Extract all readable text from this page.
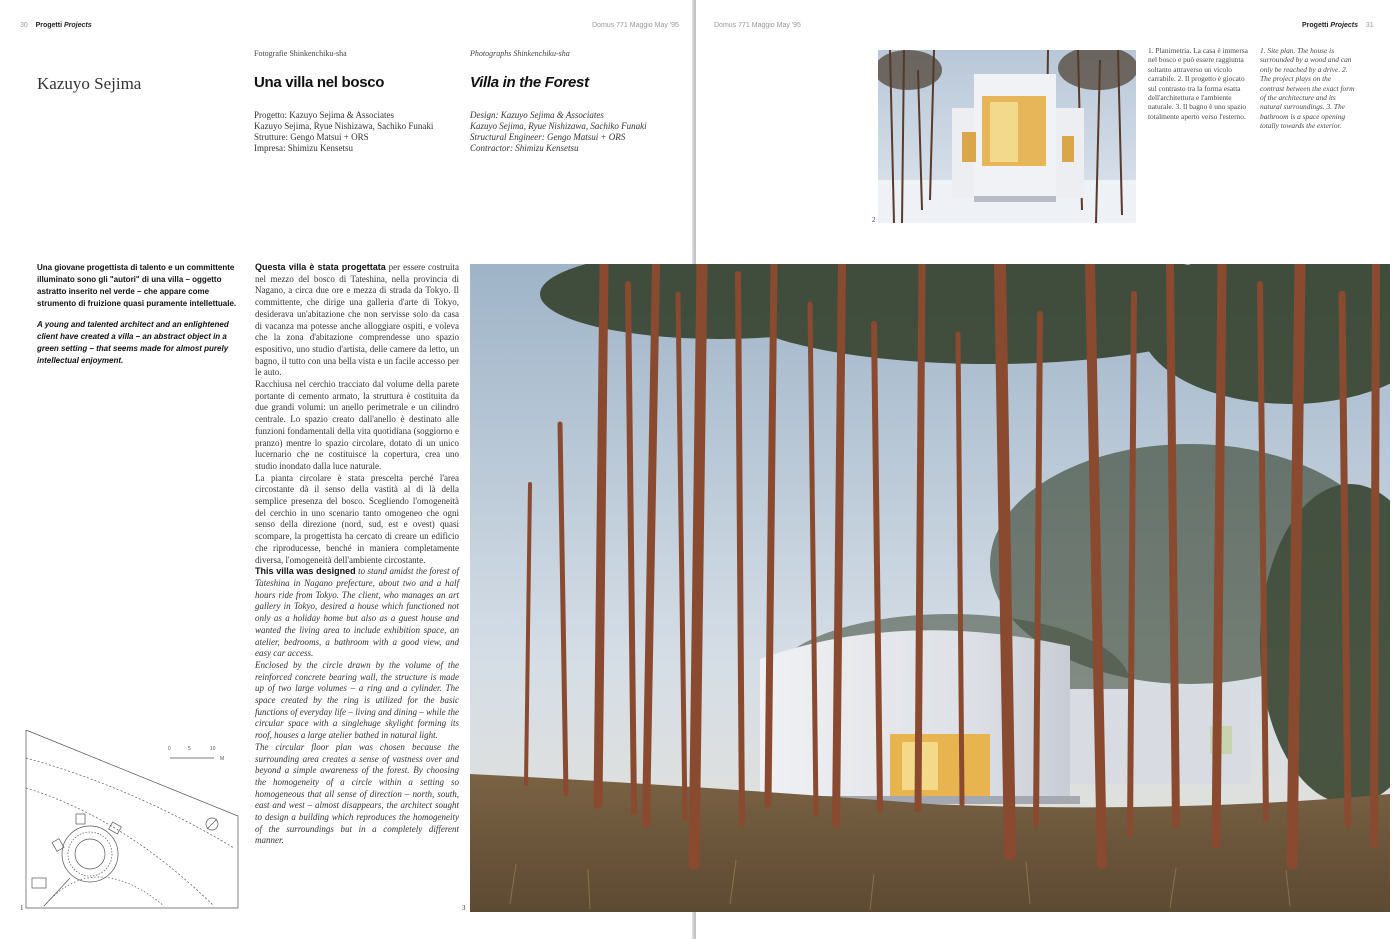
30 Progetti Projects	Domus 771 Maggio May '95
Kazuyo Sejima
Fotografie Shinkenchiku-sha	Photographs Shinkenchiku-sha
Una villa nel bosco	Villa in the Forest
Progetto: Kazuyo Sejima & Associates
Kazuyo Sejima, Ryue Nishizawa, Sachiko Funaki
Strutture: Gengo Matsui + ORS
Impresa: Shimizu Kensetsu
Design: Kazuyo Sejima & Associates
Kazuyo Sejima, Ryue Nishizawa, Sachiko Funaki
Structural Engineer: Gengo Matsui + ORS
Contractor: Shimizu Kensetsu

Una giovane progettista di talento e un committente illuminato sono gli "autori" di una villa – oggetto astratto inserito nel verde – che appare come strumento di fruizione quasi puramente intellettuale.

A young and talented architect and an enlightened client have created a villa – an abstract object in a green setting – that seems made for almost purely intellectual enjoyment.

Questa villa è stata progettata per essere costruita nel mezzo del bosco di Tateshina, nella provincia di Nagano, a circa due ore e mezza di strada da Tokyo. Il committente, che dirige una galleria d'arte di Tokyo, desiderava un'abitazione che non servisse solo da casa di vacanza ma potesse anche alloggiare ospiti, e voleva che la zona d'abitazione comprendesse uno spazio espositivo, uno studio d'artista, delle camere da letto, un bagno, il tutto con una bella vista e un facile accesso per le auto.

Racchiusa nel cerchio tracciato dal volume della parete portante di cemento armato, la struttura è costituita da due grandi volumi: un anello perimetrale e un cilindro centrale. Lo spazio creato dall'anello è destinato alle funzioni fondamentali della vita quotidiana (soggiorno e pranzo) mentre lo spazio circolare, dotato di un unico lucernario che ne costituisce la copertura, crea uno studio inondato dalla luce naturale.

La pianta circolare è stata prescelta perché l'area circostante dà il senso della vastità al di là della semplice presenza del bosco. Scegliendo l'omogeneità del cerchio in uno scenario tanto omogeneo che ogni senso della direzione (nord, sud, est e ovest) quasi scompare, la progettista ha cercato di creare un edificio che riproducesse, benché in maniera completamente diversa, l'omogeneità dell'ambiente circostante.

This villa was designed to stand amidst the forest of Tateshina in Nagano prefecture, about two and a half hours ride from Tokyo. The client, who manages an art gallery in Tokyo, desired a house which functioned not only as a holiday home but also as a guest house and wanted the living area to include exhibition space, an atelier, bedrooms, a bathroom with a good view, and easy car access.

Enclosed by the circle drawn by the volume of the reinforced concrete bearing wall, the structure is made up of two large volumes – a ring and a cylinder. The space created by the ring is utilized for the basic functions of everyday life – living and dining – while the circular space with a singlehuge skylight forming its roof, houses a large atelier bathed in natural light.

The circular floor plan was chosen because the surrounding area creates a sense of vastness over and beyond a simple awareness of the forest. By choosing the homogeneity of a circle within a setting so homogeneous that all sense of direction – north, south, east and west – almost disappears, the architect sought to design a building which reproduces the homogeneity of the surroundings but in a completely different manner.

0	5	10
M
1	3
Domus 771 Maggio May '95	Progetti Projects 31
1. Planimetria. La casa è immersa nel bosco e può essere raggiunta soltanto attraverso un vicolo carrabile. 2. Il progetto è giocato sul contrasto tra la forma esatta dell'architettura e l'ambiente naturale. 3. Il bagno è uno spazio totalmente aperto verso l'esterno.
1. Site plan. The house is surrounded by a wood and can only be reached by a drive. 2. The project plays on the contrast between the exact form of the architecture and its natural surroundings. 3. The bathroom is a space opening totally towards the exterior.
2
